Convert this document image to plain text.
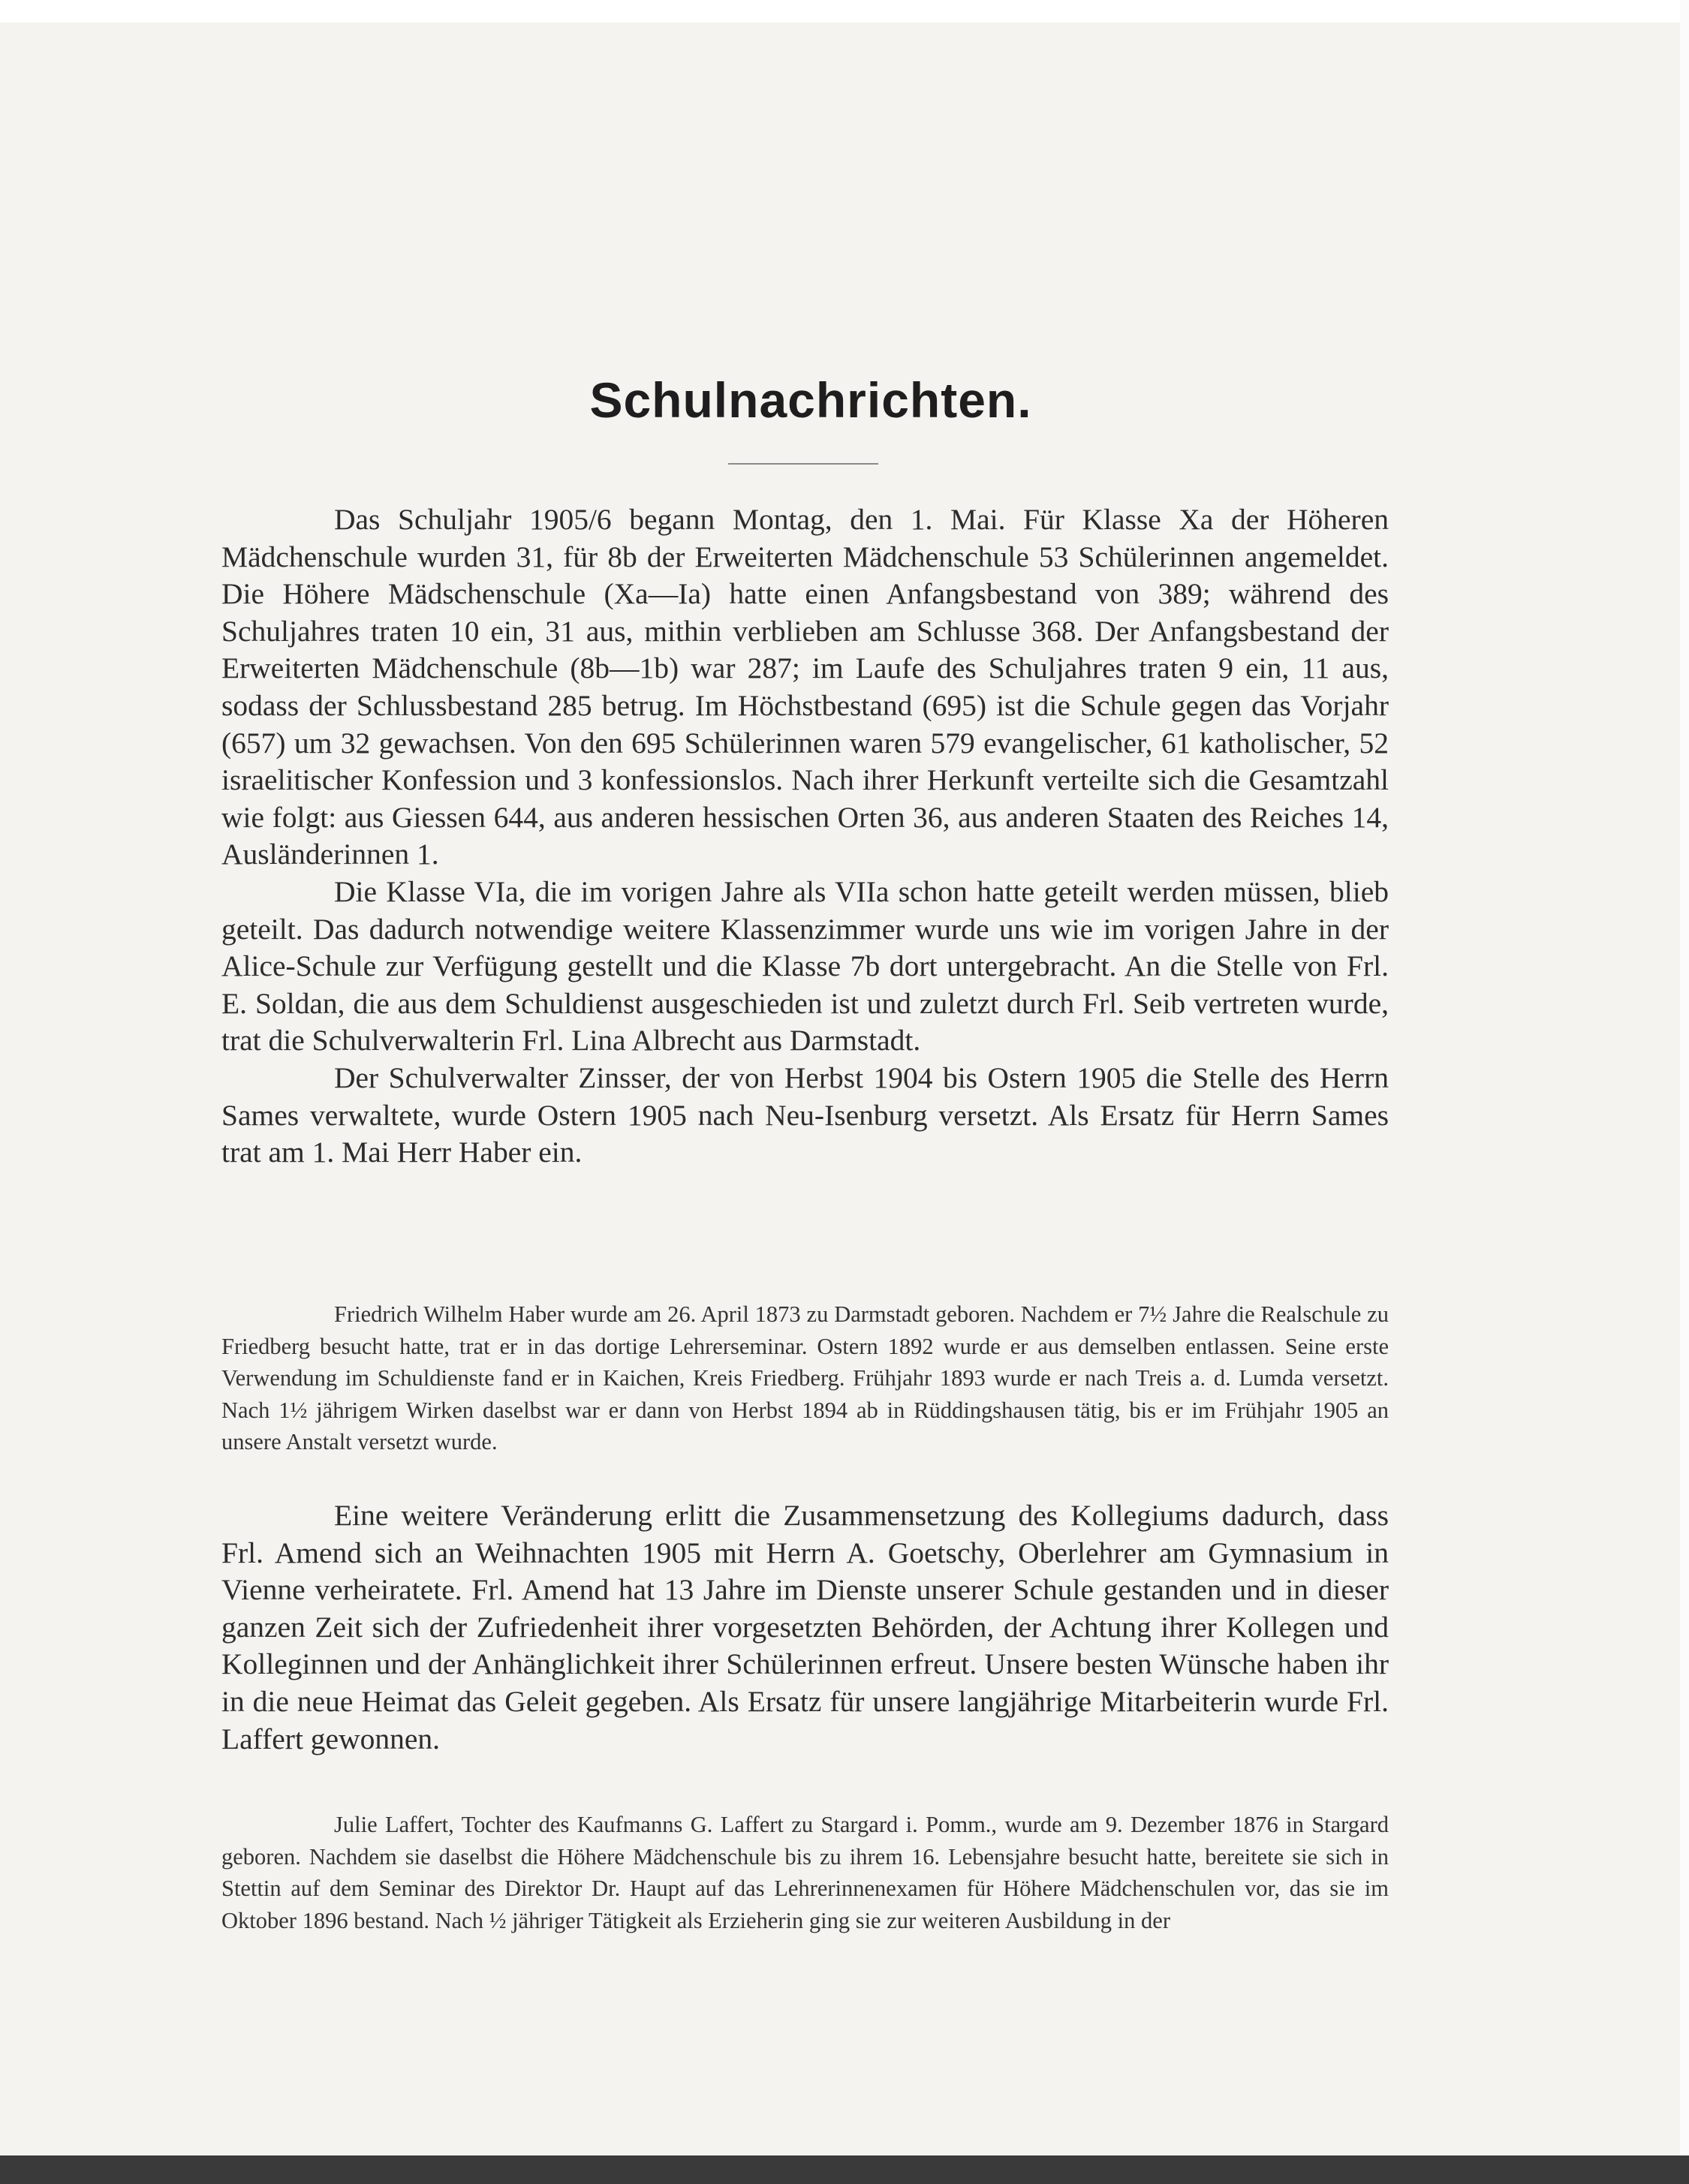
Schulnachrichten.

Das Schuljahr 1905/6 begann Montag, den 1. Mai. Für Klasse Xa der Höheren Mädchenschule wurden 31, für 8b der Erweiterten Mädchenschule 53 Schülerinnen angemeldet. Die Höhere Mädschenschule (Xa—Ia) hatte einen Anfangsbestand von 389; während des Schuljahres traten 10 ein, 31 aus, mithin verblieben am Schlusse 368. Der Anfangsbestand der Erweiterten Mädchenschule (8b—1b) war 287; im Laufe des Schuljahres traten 9 ein, 11 aus, sodass der Schlussbestand 285 betrug. Im Höchstbestand (695) ist die Schule gegen das Vorjahr (657) um 32 gewachsen. Von den 695 Schülerinnen waren 579 evangelischer, 61 katholischer, 52 israelitischer Konfession und 3 konfessionslos. Nach ihrer Herkunft verteilte sich die Gesamtzahl wie folgt: aus Giessen 644, aus anderen hessischen Orten 36, aus anderen Staaten des Reiches 14, Ausländerinnen 1.

Die Klasse VIa, die im vorigen Jahre als VIIa schon hatte geteilt werden müssen, blieb geteilt. Das dadurch notwendige weitere Klassenzimmer wurde uns wie im vorigen Jahre in der Alice-Schule zur Verfügung gestellt und die Klasse 7b dort untergebracht. An die Stelle von Frl. E. Soldan, die aus dem Schuldienst ausgeschieden ist und zuletzt durch Frl. Seib vertreten wurde, trat die Schulverwalterin Frl. Lina Albrecht aus Darmstadt.

Der Schulverwalter Zinsser, der von Herbst 1904 bis Ostern 1905 die Stelle des Herrn Sames verwaltete, wurde Ostern 1905 nach Neu-Isenburg versetzt. Als Ersatz für Herrn Sames trat am 1. Mai Herr Haber ein.

Friedrich Wilhelm Haber wurde am 26. April 1873 zu Darmstadt geboren. Nachdem er 7½ Jahre die Realschule zu Friedberg besucht hatte, trat er in das dortige Lehrerseminar. Ostern 1892 wurde er aus demselben entlassen. Seine erste Verwendung im Schuldienste fand er in Kaichen, Kreis Friedberg. Frühjahr 1893 wurde er nach Treis a. d. Lumda versetzt. Nach 1½ jährigem Wirken daselbst war er dann von Herbst 1894 ab in Rüddingshausen tätig, bis er im Frühjahr 1905 an unsere Anstalt versetzt wurde.

Eine weitere Veränderung erlitt die Zusammensetzung des Kollegiums dadurch, dass Frl. Amend sich an Weihnachten 1905 mit Herrn A. Goetschy, Oberlehrer am Gymnasium in Vienne verheiratete. Frl. Amend hat 13 Jahre im Dienste unserer Schule gestanden und in dieser ganzen Zeit sich der Zufriedenheit ihrer vorgesetzten Behörden, der Achtung ihrer Kollegen und Kolleginnen und der Anhänglichkeit ihrer Schülerinnen erfreut. Unsere besten Wünsche haben ihr in die neue Heimat das Geleit gegeben. Als Ersatz für unsere langjährige Mitarbeiterin wurde Frl. Laffert gewonnen.

Julie Laffert, Tochter des Kaufmanns G. Laffert zu Stargard i. Pomm., wurde am 9. Dezember 1876 in Stargard geboren. Nachdem sie daselbst die Höhere Mädchenschule bis zu ihrem 16. Lebensjahre besucht hatte, bereitete sie sich in Stettin auf dem Seminar des Direktor Dr. Haupt auf das Lehrerinnenexamen für Höhere Mädchenschulen vor, das sie im Oktober 1896 bestand. Nach ½ jähriger Tätigkeit als Erzieherin ging sie zur weiteren Ausbildung in der
